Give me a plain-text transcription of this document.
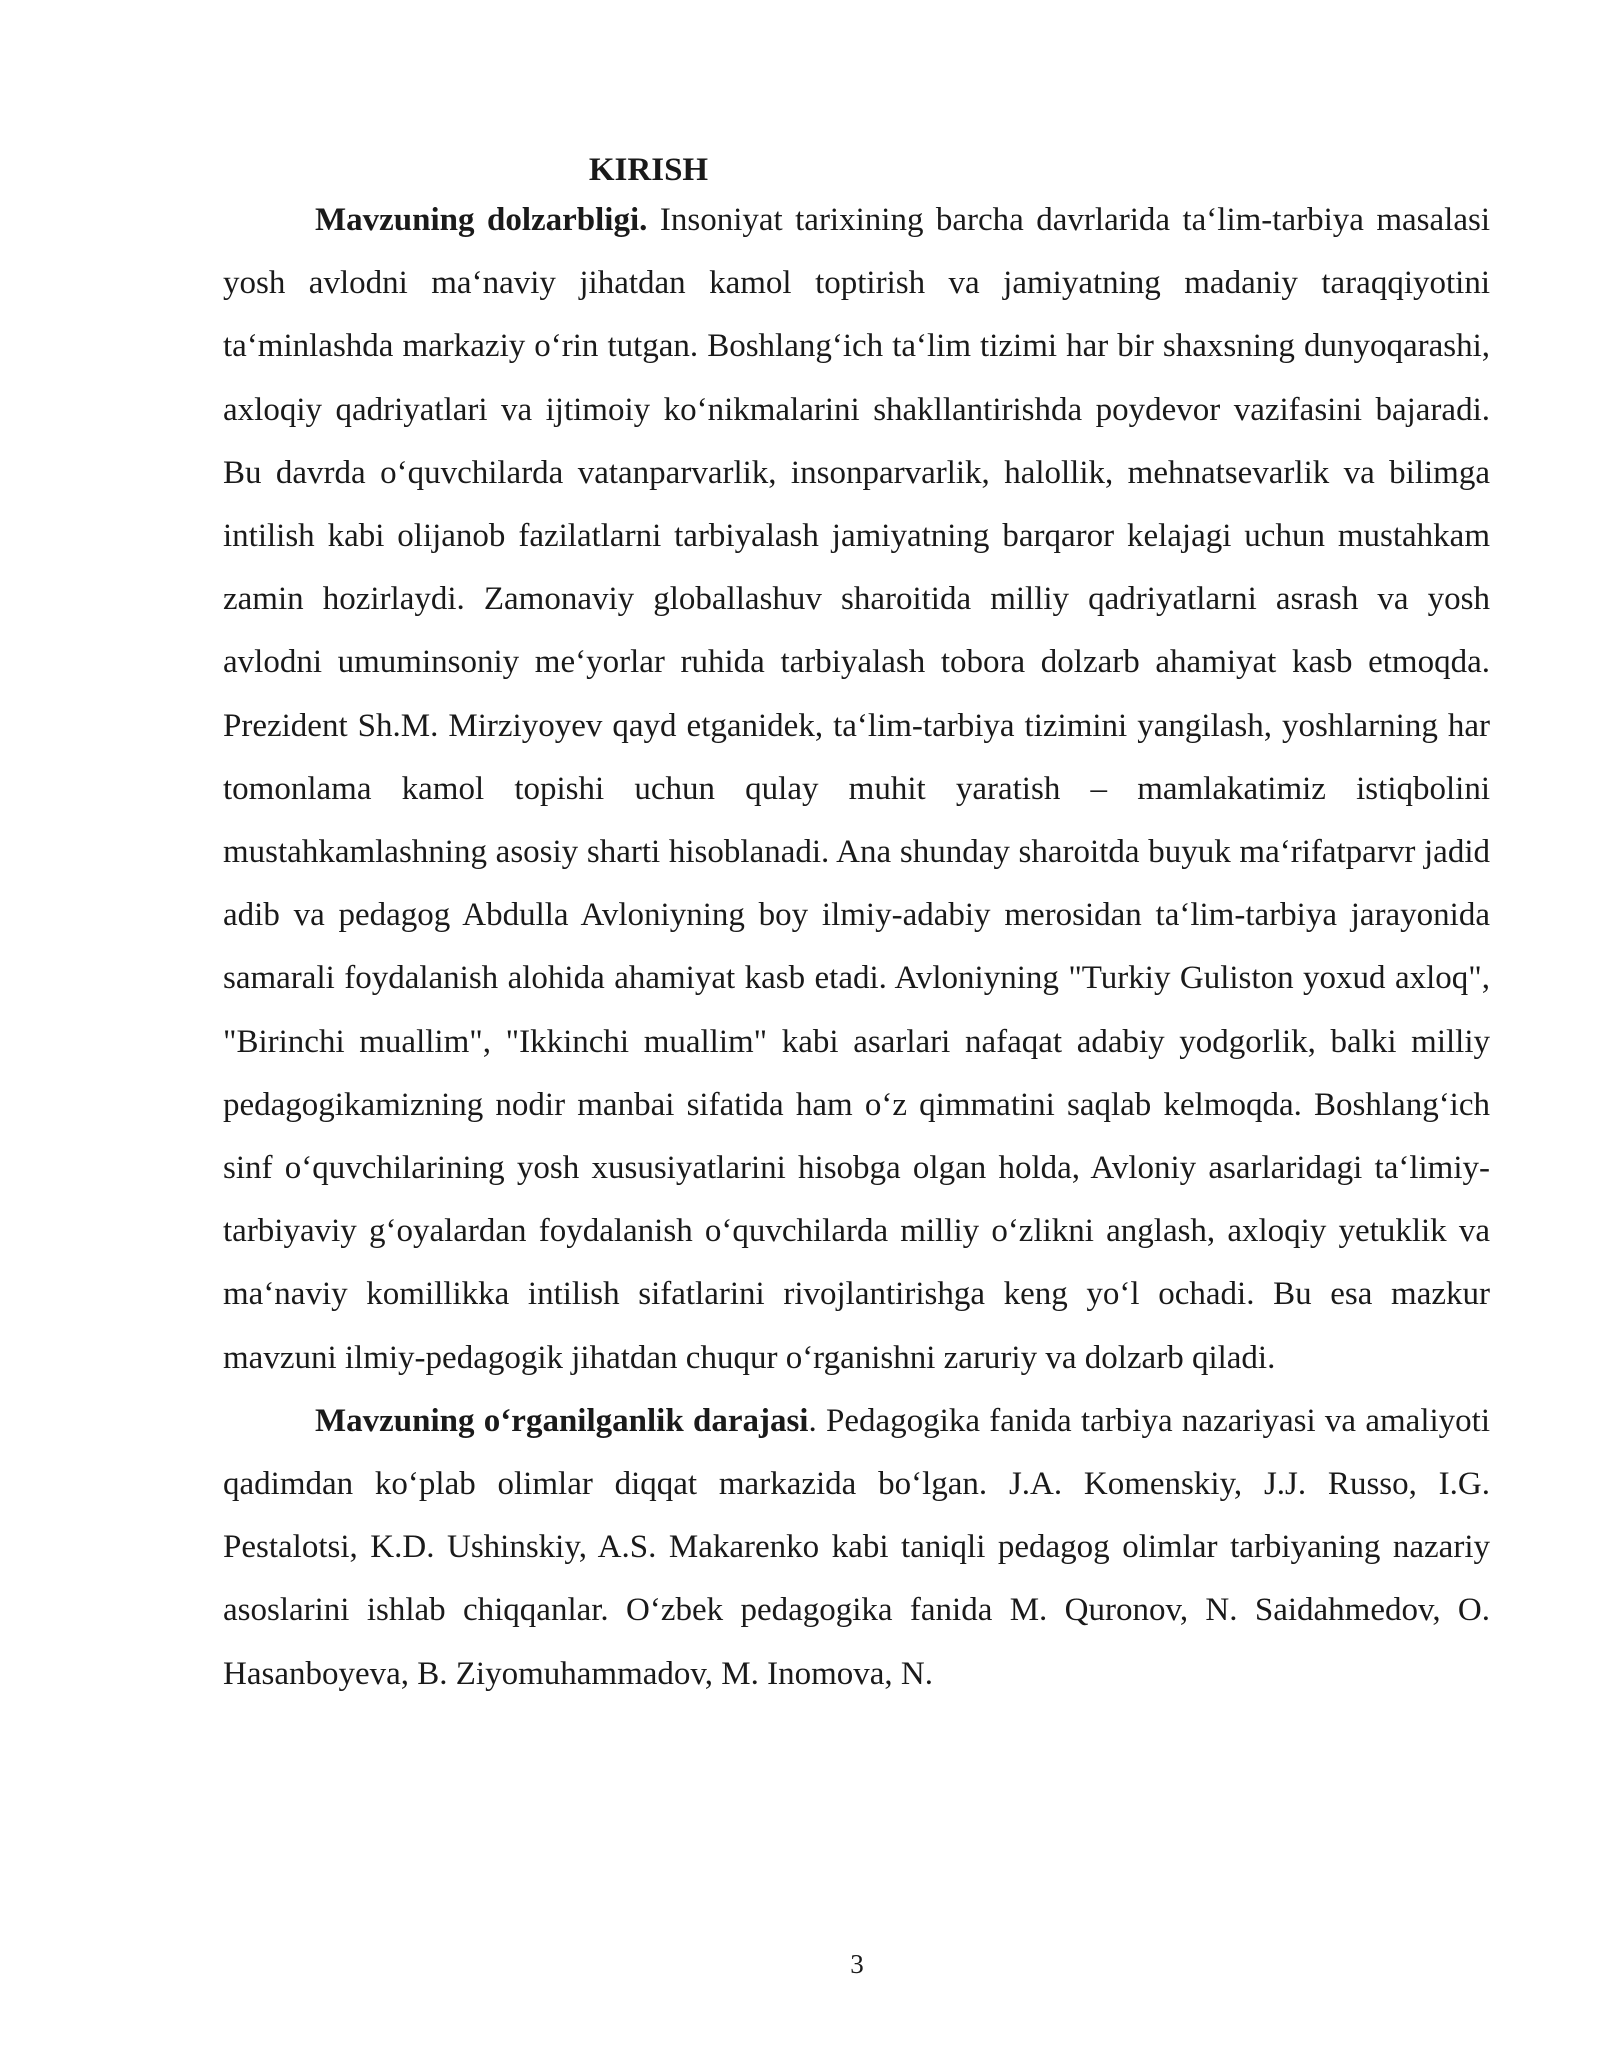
KIRISH

Mavzuning dolzarbligi. Insoniyat tarixining barcha davrlarida taʻlim-tarbiya masalasi yosh avlodni maʻnaviy jihatdan kamol toptirish va jamiyatning madaniy taraqqiyotini taʻminlashda markaziy oʻrin tutgan. Boshlangʻich taʻlim tizimi har bir shaxsning dunyoqarashi, axloqiy qadriyatlari va ijtimoiy koʻnikmalarini shakllantirishda poydevor vazifasini bajaradi. Bu davrda oʻquvchilarda vatanparvarlik, insonparvarlik, halollik, mehnatsevarlik va bilimga intilish kabi olijanob fazilatlarni tarbiyalash jamiyatning barqaror kelajagi uchun mustahkam zamin hozirlaydi. Zamonaviy globallashuv sharoitida milliy qadriyatlarni asrash va yosh avlodni umuminsoniy meʻyorlar ruhida tarbiyalash tobora dolzarb ahamiyat kasb etmoqda. Prezident Sh.M. Mirziyoyev qayd etganidek, taʻlim-tarbiya tizimini yangilash, yoshlarning har tomonlama kamol topishi uchun qulay muhit yaratish – mamlakatimiz istiqbolini mustahkamlashning asosiy sharti hisoblanadi. Ana shunday sharoitda buyuk maʻrifatparvr jadid adib va pedagog Abdulla Avloniyning boy ilmiy-adabiy merosidan taʻlim-tarbiya jarayonida samarali foydalanish alohida ahamiyat kasb etadi. Avloniyning "Turkiy Guliston yoxud axloq", "Birinchi muallim", "Ikkinchi muallim" kabi asarlari nafaqat adabiy yodgorlik, balki milliy pedagogikamizning nodir manbai sifatida ham oʻz qimmatini saqlab kelmoqda. Boshlangʻich sinf oʻquvchilarining yosh xususiyatlarini hisobga olgan holda, Avloniy asarlaridagi taʻlimiy-tarbiyaviy gʻoyalardan foydalanish oʻquvchilarda milliy oʻzlikni anglash, axloqiy yetuklik va maʻnaviy komillikka intilish sifatlarini rivojlantirishga keng yoʻl ochadi. Bu esa mazkur mavzuni ilmiy-pedagogik jihatdan chuqur oʻrganishni zaruriy va dolzarb qiladi.

Mavzuning oʻrganilganlik darajasi. Pedagogika fanida tarbiya nazariyasi va amaliyoti qadimdan koʻplab olimlar diqqat markazida boʻlgan. J.A. Komenskiy, J.J. Russo, I.G. Pestalotsi, K.D. Ushinskiy, A.S. Makarenko kabi taniqli pedagog olimlar tarbiyaning nazariy asoslarini ishlab chiqqanlar. Oʻzbek pedagogika fanida M. Quronov, N. Saidahmedov, O. Hasanboyeva, B. Ziyomuhammadov, M. Inomova, N.

3
